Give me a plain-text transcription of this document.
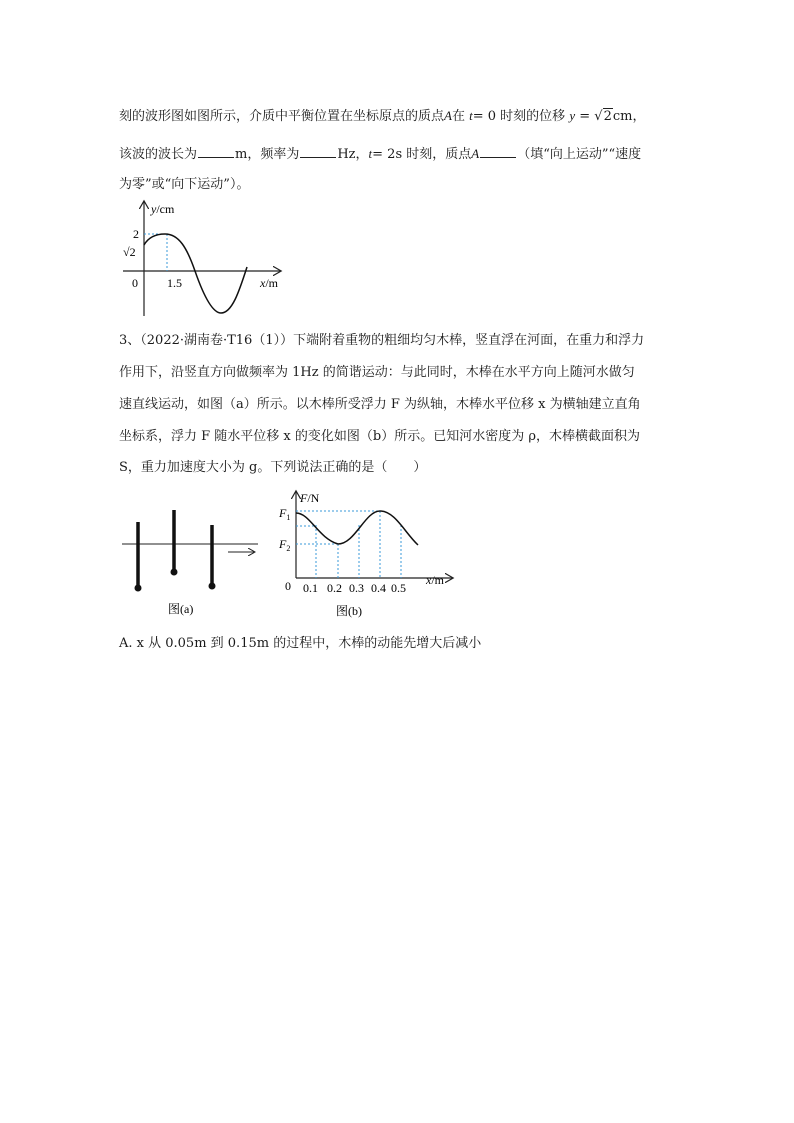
刻的波形图如图所示，介质中平衡位置在坐标原点的质点A在 t= 0 时刻的位移 y = √2cm，
该波的波长为	m，频率为	Hz，t= 2s 时刻，质点A	（填“向上运动”“速度
为零”或“向下运动”）。
y/cm
2
√2
0 1.5	x/m
3、（2022·湖南卷·T16（1））下端附着重物的粗细均匀木棒，竖直浮在河面，在重力和浮力
作用下，沿竖直方向做频率为 1Hz 的简谐运动：与此同时，木棒在水平方向上随河水做匀
速直线运动，如图（a）所示。以木棒所受浮力 F 为纵轴，木棒水平位移 x 为横轴建立直角
坐标系，浮力 F 随水平位移 x 的变化如图（b）所示。已知河水密度为 ρ，木棒横截面积为
S，重力加速度大小为 g。下列说法正确的是（　　）
图(a)
F/N
$F_1$
$F_2$
0 0.1 0.2 0.3 0.4 0.5
x/m
图(b)
A. x 从 0.05m 到 0.15m 的过程中，木棒的动能先增大后减小
